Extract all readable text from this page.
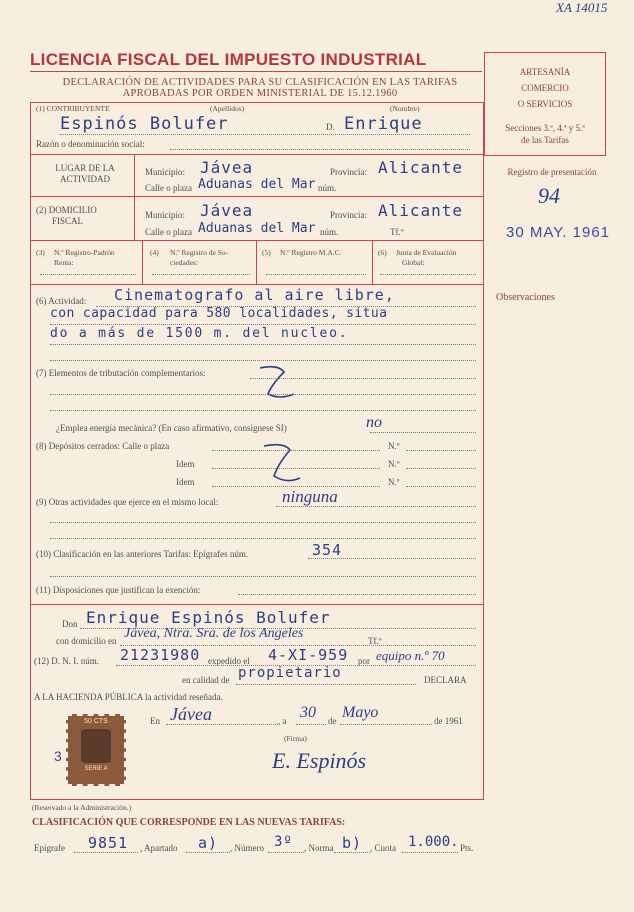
XA 14015
LICENCIA FISCAL DEL IMPUESTO INDUSTRIAL
DECLARACIÓN DE ACTIVIDADES PARA SU CLASIFICACIÓN EN LAS TARIFAS
APROBADAS POR ORDEN MINISTERIAL DE 15.12.1960
ARTESANÍA
COMERCIO
O SERVICIOS
Secciones 3.ª, 4.ª y 5.ª
de las Tarifas
Registro de presentación
94
30 MAY. 1961
Observaciones
(1) CONTRIBUYENTE	(Apellidos)	(Nombre)
Espinós Bolufer	D. Enrique
Razón o denominación social:
LUGAR DE LA
ACTIVIDAD
Municipio: Jávea	Provincia: Alicante
Calle o plaza Aduanas del Mar núm.
(2) DOMICILIO
FISCAL
Municipio: Jávea	Provincia: Alicante
Calle o plaza Aduanas del Mar núm.	Tf.º
(3) N.º Registro-Padrón
Renta:
(4) N.º Registro de So-
ciedades:
(5) N.º Registro M.A.C.	(6) Junta de Evaluación
Global:
(6) Actividad: Cinematografo al aire libre,
con capacidad para 580 localidades, situa
do a más de 1500 m. del nucleo.
(7) Elementos de tributación complementarios:
¿Emplea energía mecánica? (En caso afirmativo, consignese SI)	no
(8) Depósitos cerrados: Calle o plaza	N.º
Idem	N.º
Idem	N.º
(9) Otras actividades que ejerce en el mismo local:	ninguna
(10) Clasificación en las anteriores Tarifas: Epígrafes núm.	354
(11) Disposiciones que justifican la exención:
Don Enrique Espinós Bolufer
con domicilio en Jávea, Ntra. Sra. de los Angeles	Tf.º
(12) D. N. I. núm. 21231980 expedido el 4-XI-959 por equipo n.º 70
en calidad de propietario	DECLARA
A LA HACIENDA PÚBLICA la actividad reseñada.
En Jávea	, a 30 de Mayo	de 1961
(Firma)
E. Espinós
50 CTS
SERIE A
3
(Reservado a la Administración.)
CLASIFICACIÓN QUE CORRESPONDE EN LAS NUEVAS TARIFAS:
Epígrafe 9851 , Apartado a) , Número 3º , Norma b) , Cuota 1.000. Pts.
